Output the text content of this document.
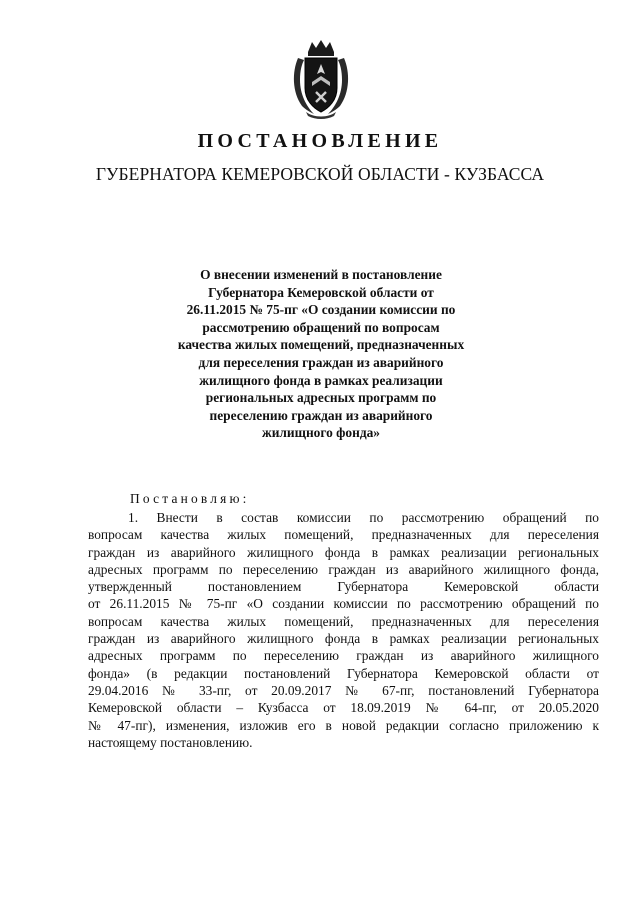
ПОСТАНОВЛЕНИЕ
ГУБЕРНАТОРА КЕМЕРОВСКОЙ ОБЛАСТИ - КУЗБАССА
О внесении изменений в постановление
Губернатора Кемеровской области от
26.11.2015 № 75-пг «О создании комиссии по
рассмотрению обращений по вопросам
качества жилых помещений, предназначенных
для переселения граждан из аварийного
жилищного фонда в рамках реализации
региональных адресных программ по
переселению граждан из аварийного
жилищного фонда»
Постановляю:
1. Внести в состав комиссии по рассмотрению обращений по
вопросам качества жилых помещений, предназначенных для переселения
граждан из аварийного жилищного фонда в рамках реализации региональных
адресных программ по переселению граждан из аварийного жилищного фонда,
утвержденный постановлением Губернатора Кемеровской области
от 26.11.2015 № 75-пг «О создании комиссии по рассмотрению обращений по
вопросам качества жилых помещений, предназначенных для переселения
граждан из аварийного жилищного фонда в рамках реализации региональных
адресных программ по переселению граждан из аварийного жилищного
фонда» (в редакции постановлений Губернатора Кемеровской области от
29.04.2016 № 33-пг, от 20.09.2017 № 67-пг, постановлений Губернатора
Кемеровской области – Кузбасса от 18.09.2019 № 64-пг, от 20.05.2020
№ 47-пг), изменения, изложив его в новой редакции согласно приложению к
настоящему постановлению.
